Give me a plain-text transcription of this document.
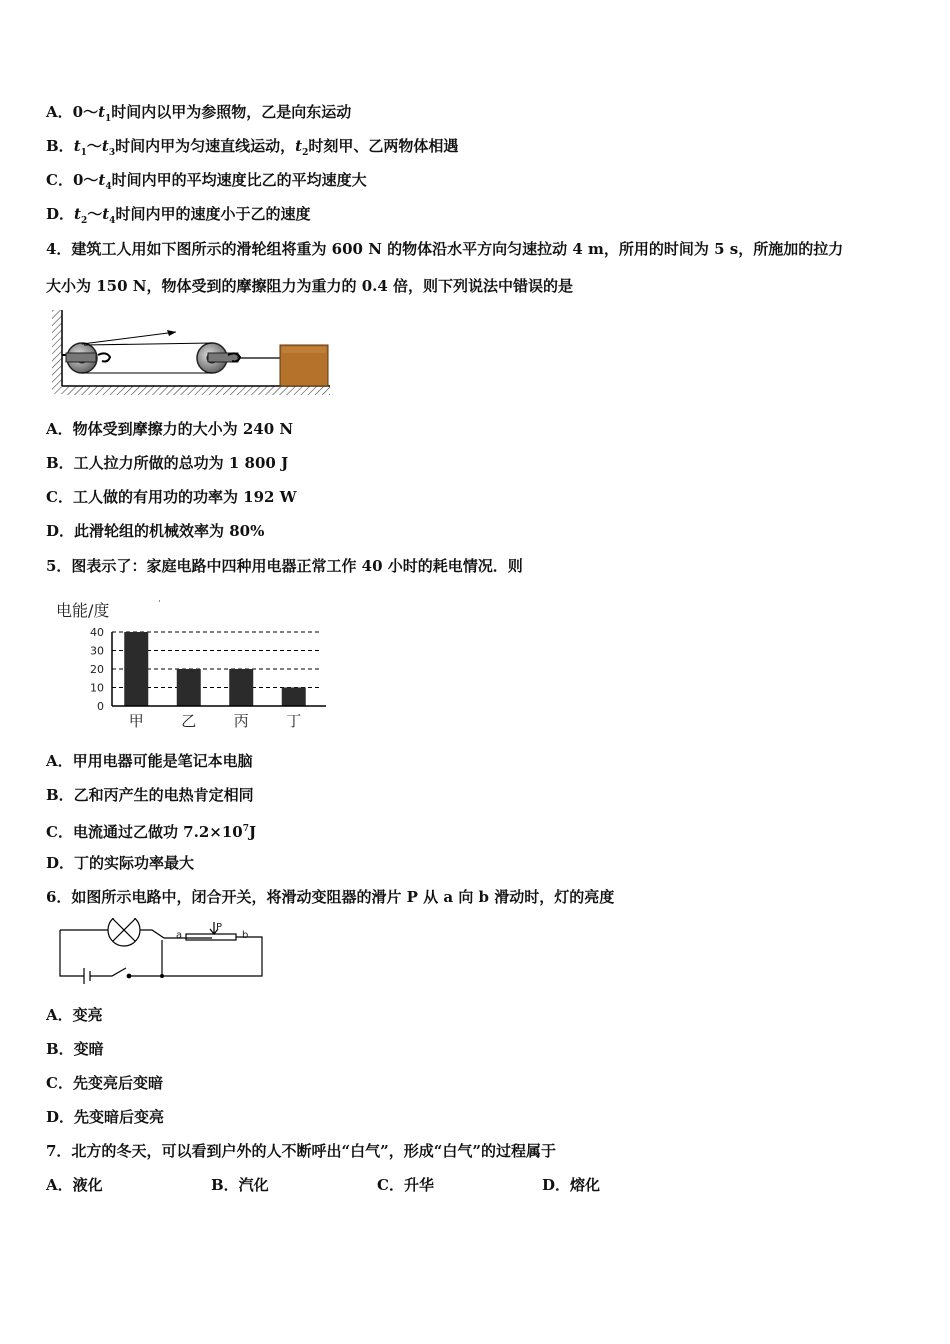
A．$0\sim t_1$时间内以甲为参照物，乙是向东运动
B．$t_1\sim t_3$时间内甲为匀速直线运动，$t_2$时刻甲、乙两物体相遇
C．$0\sim t_4$时间内甲的平均速度比乙的平均速度大
D．$t_2\sim t_4$时间内甲的速度小于乙的速度
4．建筑工人用如下图所示的滑轮组将重为 600 N 的物体沿水平方向匀速拉动 4 m，所用的时间为 5 s，所施加的拉力
大小为 150 N，物体受到的摩擦阻力为重力的 0.4 倍，则下列说法中错误的是
A．物体受到摩擦力的大小为 240 N
B．工人拉力所做的总功为 1 800 J
C．工人做的有用功的功率为 192 W
D．此滑轮组的机械效率为 80%
5．图表示了：家庭电路中四种用电器正常工作 40 小时的耗电情况．则
电能/度	·
40
30
20
10
0
甲 乙 丙 丁
A．甲用电器可能是笔记本电脑
B．乙和丙产生的电热肯定相同
C．电流通过乙做功 $7.2\times 10^7J$
D．丁的实际功率最大
6．如图所示电路中，闭合开关，将滑动变阻器的滑片 P 从 a 向 b 滑动时，灯的亮度
P
a	b
A．变亮
B．变暗
C．先变亮后变暗
D．先变暗后变亮
7．北方的冬天，可以看到户外的人不断呼出“白气”，形成“白气”的过程属于
A．液化	B．汽化	C．升华	D．熔化
